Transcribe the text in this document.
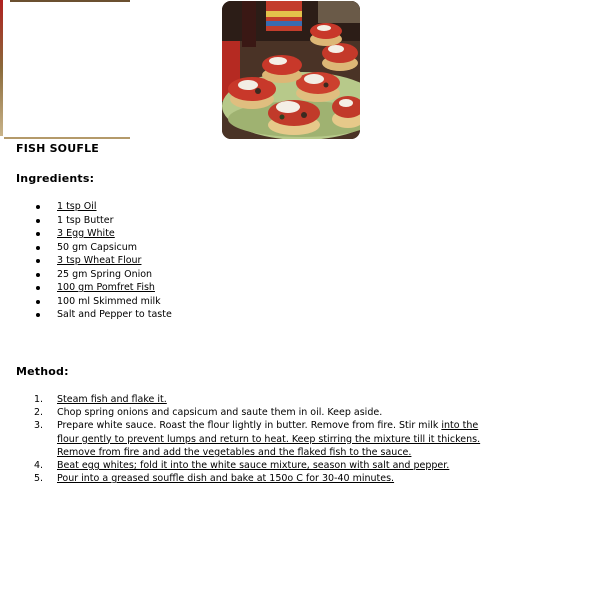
FISH SOUFLE
Ingredients:
1 tsp Oil
1 tsp Butter
3 Egg White
50 gm Capsicum
3 tsp Wheat Flour
25 gm Spring Onion
100 gm Pomfret Fish
100 ml Skimmed milk
Salt and Pepper to taste
Method:
1.	Steam fish and flake it.
2.	Chop spring onions and capsicum and saute them in oil. Keep aside.
3.	Prepare white sauce. Roast the flour lightly in butter. Remove from fire. Stir milk into the flour gently to prevent lumps and return to heat. Keep stirring the mixture till it thickens. Remove from fire and add the vegetables and the flaked fish to the sauce.
4.	Beat egg whites; fold it into the white sauce mixture, season with salt and pepper.
5.	Pour into a greased souffle dish and bake at 150o C for 30-40 minutes.
